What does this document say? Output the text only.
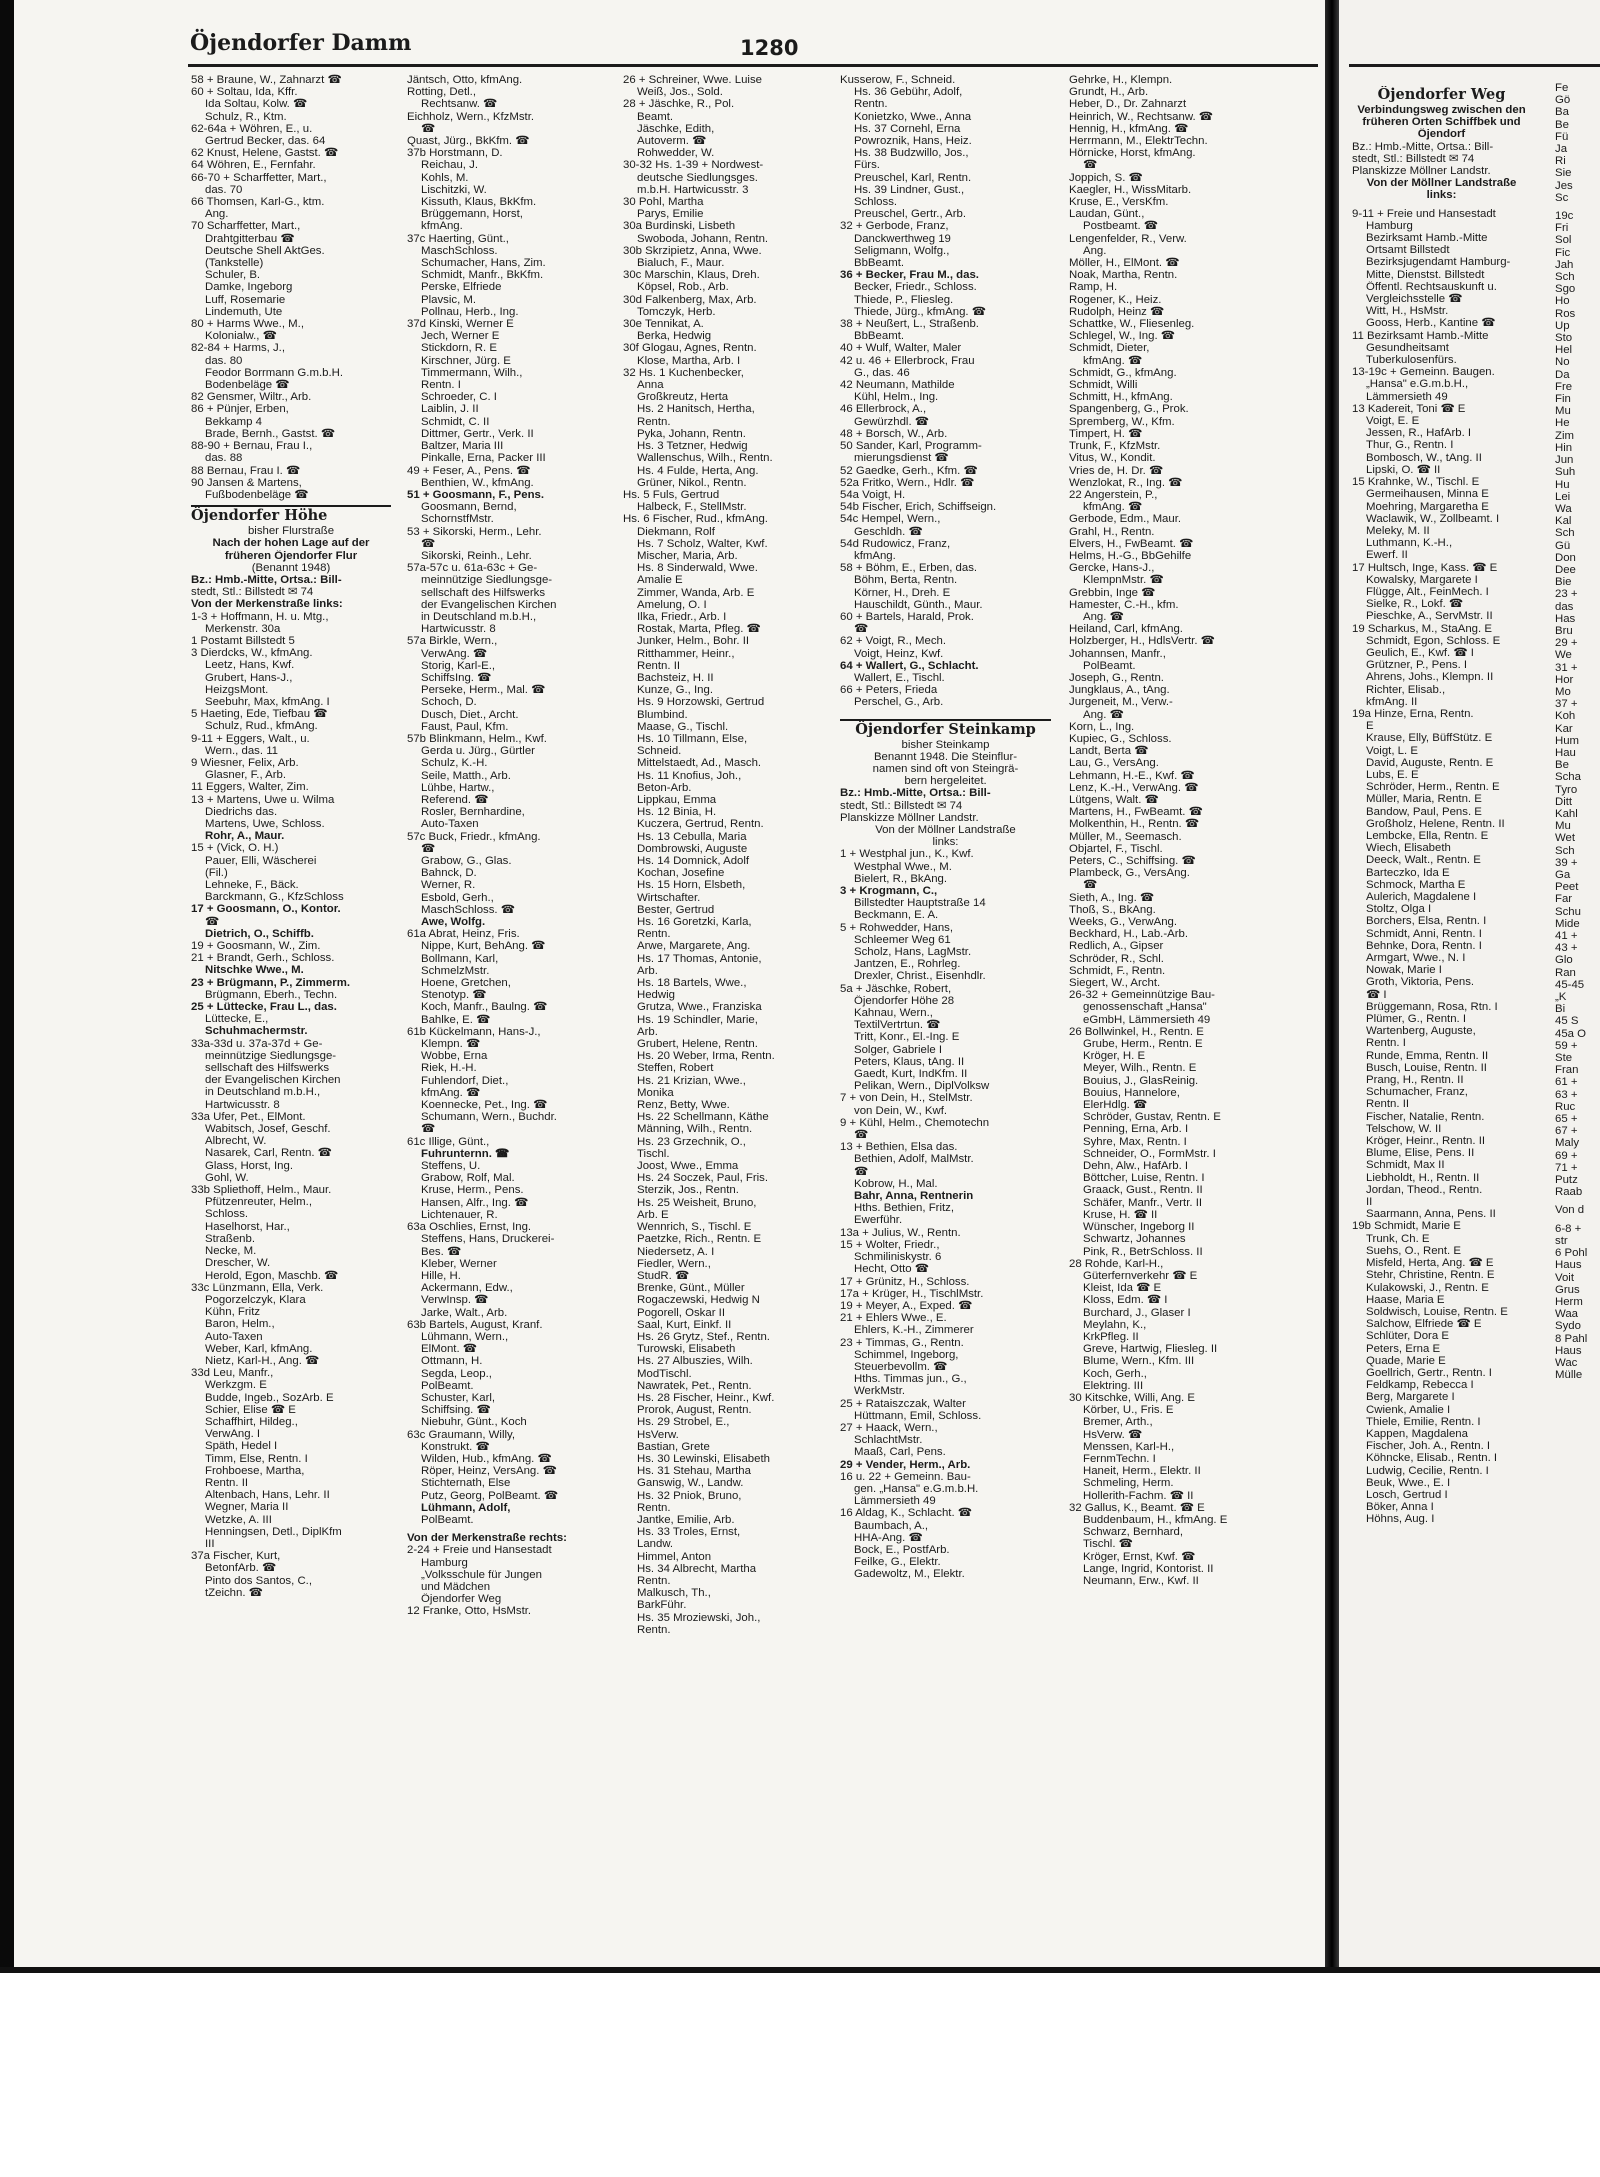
Öjendorfer Damm	1280
58 + Braune, W., Zahnarzt ☎
60 + Soltau, Ida, Kffr.
Ida Soltau, Kolw. ☎
Schulz, R., Ktm.
62-64a + Wöhren, E., u.
Gertrud Becker, das. 64
62 Knust, Helene, Gastst. ☎
64 Wöhren, E., Fernfahr.
66-70 + Scharffetter, Mart.,
das. 70
66 Thomsen, Karl-G., ktm.
Ang.
70 Scharffetter, Mart.,
Drahtgitterbau ☎
Deutsche Shell AktGes.
(Tankstelle)
Schuler, B.
Damke, Ingeborg
Luff, Rosemarie
Lindemuth, Ute
80 + Harms Wwe., M.,
Kolonialw., ☎
82-84 + Harms, J.,
das. 80
Feodor Borrmann G.m.b.H.
Bodenbeläge ☎
82 Gensmer, Wiltr., Arb.
86 + Pünjer, Erben,
Bekkamp 4
Brade, Bernh., Gastst. ☎
88-90 + Bernau, Frau I.,
das. 88
88 Bernau, Frau I. ☎
90 Jansen & Martens,
Fußbodenbeläge ☎
Öjendorfer Höhe
bisher Flurstraße
Nach der hohen Lage auf der
früheren Öjendorfer Flur
(Benannt 1948)
Bz.: Hmb.-Mitte, Ortsa.: Bill-
stedt, Stl.: Billstedt ✉ 74
Von der Merkenstraße links:
1-3 + Hoffmann, H. u. Mtg.,
Merkenstr. 30a
1 Postamt Billstedt 5
3 Dierdcks, W., kfmAng.
Leetz, Hans, Kwf.
Grubert, Hans-J.,
HeizgsMont.
Seebuhr, Max, kfmAng. I
5 Haeting, Ede, Tiefbau ☎
Schulz, Rud., kfmAng.
9-11 + Eggers, Walt., u.
Wern., das. 11
9 Wiesner, Felix, Arb.
Glasner, F., Arb.
11 Eggers, Walter, Zim.
13 + Martens, Uwe u. Wilma
Diedrichs das.
Martens, Uwe, Schloss.
Rohr, A., Maur.
15 + (Vick, O. H.)
Pauer, Elli, Wäscherei
(Fil.)
Lehneke, F., Bäck.
Barckmann, G., KfzSchloss
17 + Goosmann, O., Kontor.
☎
Dietrich, O., Schiffb.
19 + Goosmann, W., Zim.
21 + Brandt, Gerh., Schloss.
Nitschke Wwe., M.
23 + Brügmann, P., Zimmerm.
Brügmann, Eberh., Techn.
25 + Lüttecke, Frau L., das.
Lüttecke, E.,
Schuhmachermstr.
33a-33d u. 37a-37d + Ge-
meinnützige Siedlungsge-
sellschaft des Hilfswerks
der Evangelischen Kirchen
in Deutschland m.b.H.,
Hartwicusstr. 8
33a Ufer, Pet., ElMont.
Wabitsch, Josef, Geschf.
Albrecht, W.
Nasarek, Carl, Rentn. ☎
Glass, Horst, Ing.
Gohl, W.
33b Spliethoff, Helm., Maur.
Pfützenreuter, Helm.,
Schloss.
Haselhorst, Har.,
Straßenb.
Necke, M.
Drescher, W.
Herold, Egon, Maschb. ☎
33c Lünzmann, Ella, Verk.
Pogorzelczyk, Klara
Kühn, Fritz
Baron, Helm.,
Auto-Taxen
Weber, Karl, kfmAng.
Nietz, Karl-H., Ang. ☎
33d Leu, Manfr.,
Werkzgm. E
Budde, Ingeb., SozArb. E
Schier, Elise ☎ E
Schaffhirt, Hildeg.,
VerwAng. I
Späth, Hedel I
Timm, Else, Rentn. I
Frohboese, Martha,
Rentn. II
Altenbach, Hans, Lehr. II
Wegner, Maria II
Wetzke, A. III
Henningsen, Detl., DiplKfm
III
37a Fischer, Kurt,
BetonfArb. ☎
Pinto dos Santos, C.,
tZeichn. ☎
Jäntsch, Otto, kfmAng.
Rotting, Detl.,
Rechtsanw. ☎
Eichholz, Wern., KfzMstr.
☎
Quast, Jürg., BkKfm. ☎
37b Horstmann, D.
Reichau, J.
Kohls, M.
Lischitzki, W.
Kissuth, Klaus, BkKfm.
Brüggemann, Horst,
kfmAng.
37c Haerting, Günt.,
MaschSchloss.
Schumacher, Hans, Zim.
Schmidt, Manfr., BkKfm.
Perske, Elfriede
Plavsic, M.
Pollnau, Herb., Ing.
37d Kinski, Werner E
Jech, Werner E
Stickdorn, R. E
Kirschner, Jürg. E
Timmermann, Wilh.,
Rentn. I
Schroeder, C. I
Laiblin, J. II
Schmidt, C. II
Dittmer, Gertr., Verk. II
Baltzer, Maria III
Pinkalle, Erna, Packer III
49 + Feser, A., Pens. ☎
Benthien, W., kfmAng.
51 + Goosmann, F., Pens.
Goosmann, Bernd,
SchornstfMstr.
53 + Sikorski, Herm., Lehr.
☎
Sikorski, Reinh., Lehr.
57a-57c u. 61a-63c + Ge-
meinnützige Siedlungsge-
sellschaft des Hilfswerks
der Evangelischen Kirchen
in Deutschland m.b.H.,
Hartwicusstr. 8
57a Birkle, Wern.,
VerwAng. ☎
Storig, Karl-E.,
SchiffsIng. ☎
Perseke, Herm., Mal. ☎
Schoch, D.
Dusch, Diet., Archt.
Faust, Paul, Kfm.
57b Blinkmann, Helm., Kwf.
Gerda u. Jürg., Gürtler
Schulz, K.-H.
Seile, Matth., Arb.
Lühbe, Hartw.,
Referend. ☎
Rosler, Bernhardine,
Auto-Taxen
57c Buck, Friedr., kfmAng.
☎
Grabow, G., Glas.
Bahnck, D.
Werner, R.
Esbold, Gerh.,
MaschSchloss. ☎
Awe, Wolfg.
61a Abrat, Heinz, Fris.
Nippe, Kurt, BehAng. ☎
Bollmann, Karl,
SchmelzMstr.
Hoene, Gretchen,
Stenotyp. ☎
Koch, Manfr., Baulng. ☎
Bahlke, E. ☎
61b Kückelmann, Hans-J.,
Klempn. ☎
Wobbe, Erna
Riek, H.-H.
Fuhlendorf, Diet.,
kfmAng. ☎
Koennecke, Pet., Ing. ☎
Schumann, Wern., Buchdr.
☎
61c Illige, Günt.,
Fuhrunternn. ☎
Steffens, U.
Grabow, Rolf, Mal.
Kruse, Herm., Pens.
Hansen, Alfr., Ing. ☎
Lichtenauer, R.
63a Oschlies, Ernst, Ing.
Steffens, Hans, Druckerei-
Bes. ☎
Kleber, Werner
Hille, H.
Ackermann, Edw.,
VerwInsp. ☎
Jarke, Walt., Arb.
63b Bartels, August, Kranf.
Lühmann, Wern.,
ElMont. ☎
Ottmann, H.
Segda, Leop.,
PolBeamt.
Schuster, Karl,
Schiffsing. ☎
Niebuhr, Günt., Koch
63c Graumann, Willy,
Konstrukt. ☎
Wilden, Hub., kfmAng. ☎
Röper, Heinz, VersAng. ☎
Stichternath, Else
Putz, Georg, PolBeamt. ☎
Lühmann, Adolf,
PolBeamt.
Von der Merkenstraße rechts:
2-24 + Freie und Hansestadt
Hamburg
„Volksschule für Jungen
und Mädchen
Öjendorfer Weg
12 Franke, Otto, HsMstr.
26 + Schreiner, Wwe. Luise
Weiß, Jos., Sold.
28 + Jäschke, R., Pol.
Beamt.
Jäschke, Edith,
Autoverm. ☎
Rohwedder, W.
30-32 Hs. 1-39 + Nordwest-
deutsche Siedlungsges.
m.b.H. Hartwicusstr. 3
30 Pohl, Martha
Parys, Emilie
30a Burdinski, Lisbeth
Swoboda, Johann, Rentn.
30b Skrzipietz, Anna, Wwe.
Bialuch, F., Maur.
30c Marschin, Klaus, Dreh.
Köpsel, Rob., Arb.
30d Falkenberg, Max, Arb.
Tomczyk, Herb.
30e Tennikat, A.
Berka, Hedwig
30f Glogau, Agnes, Rentn.
Klose, Martha, Arb. I
32 Hs. 1 Kuchenbecker,
Anna
Großkreutz, Herta
Hs. 2 Hanitsch, Hertha,
Rentn.
Pyka, Johann, Rentn.
Hs. 3 Tetzner, Hedwig
Wallenschus, Wilh., Rentn.
Hs. 4 Fulde, Herta, Ang.
Grüner, Nikol., Rentn.
Hs. 5 Fuls, Gertrud
Halbeck, F., StellMstr.
Hs. 6 Fischer, Rud., kfmAng.
Diekmann, Rolf
Hs. 7 Scholz, Walter, Kwf.
Mischer, Maria, Arb.
Hs. 8 Sinderwald, Wwe.
Amalie E
Zimmer, Wanda, Arb. E
Amelung, O. I
Ilka, Friedr., Arb. I
Rostak, Marta, Pfleg. ☎
Junker, Helm., Bohr. II
Ritthammer, Heinr.,
Rentn. II
Bachsteiz, H. II
Kunze, G., Ing.
Hs. 9 Horzowski, Gertrud
Blumbind.
Maase, G., Tischl.
Hs. 10 Tillmann, Else,
Schneid.
Mittelstaedt, Ad., Masch.
Hs. 11 Knofius, Joh.,
Beton-Arb.
Lippkau, Emma
Hs. 12 Binia, H.
Kuczera, Gertrud, Rentn.
Hs. 13 Cebulla, Maria
Dombrowski, Auguste
Hs. 14 Domnick, Adolf
Kochan, Josefine
Hs. 15 Horn, Elsbeth,
Wirtschafter.
Bester, Gertrud
Hs. 16 Goretzki, Karla,
Rentn.
Arwe, Margarete, Ang.
Hs. 17 Thomas, Antonie,
Arb.
Hs. 18 Bartels, Wwe.,
Hedwig
Grutza, Wwe., Franziska
Hs. 19 Schindler, Marie,
Arb.
Grubert, Helene, Rentn.
Hs. 20 Weber, Irma, Rentn.
Steffen, Robert
Hs. 21 Krizian, Wwe.,
Monika
Renz, Betty, Wwe.
Hs. 22 Schellmann, Käthe
Männing, Wilh., Rentn.
Hs. 23 Grzechnik, O.,
Tischl.
Joost, Wwe., Emma
Hs. 24 Soczek, Paul, Fris.
Sterzik, Jos., Rentn.
Hs. 25 Weisheit, Bruno,
Arb. E
Wennrich, S., Tischl. E
Paetzke, Rich., Rentn. E
Niedersetz, A. I
Fiedler, Wern.,
StudR. ☎
Brenke, Günt., Müller
Rogaczewski, Hedwig N
Pogorell, Oskar II
Saal, Kurt, Einkf. II
Hs. 26 Grytz, Stef., Rentn.
Turowski, Elisabeth
Hs. 27 Albuszies, Wilh.
ModTischl.
Nawratek, Pet., Rentn.
Hs. 28 Fischer, Heinr., Kwf.
Prorok, August, Rentn.
Hs. 29 Strobel, E.,
HsVerw.
Bastian, Grete
Hs. 30 Lewinski, Elisabeth
Hs. 31 Stehau, Martha
Ganswig, W., Landw.
Hs. 32 Pniok, Bruno,
Rentn.
Jantke, Emilie, Arb.
Hs. 33 Troles, Ernst,
Landw.
Himmel, Anton
Hs. 34 Albrecht, Martha
Rentn.
Malkusch, Th.,
BarkFühr.
Hs. 35 Mroziewski, Joh.,
Rentn.
Kusserow, F., Schneid.
Hs. 36 Gebühr, Adolf,
Rentn.
Konietzko, Wwe., Anna
Hs. 37 Cornehl, Erna
Powroznik, Hans, Heiz.
Hs. 38 Budzwillo, Jos.,
Fürs.
Preuschel, Karl, Rentn.
Hs. 39 Lindner, Gust.,
Schloss.
Preuschel, Gertr., Arb.
32 + Gerbode, Franz,
Danckwerthweg 19
Seligmann, Wolfg.,
BbBeamt.
36 + Becker, Frau M., das.
Becker, Friedr., Schloss.
Thiede, P., Fliesleg.
Thiede, Jürg., kfmAng. ☎
38 + Neußert, L., Straßenb.
BbBeamt.
40 + Wulf, Walter, Maler
42 u. 46 + Ellerbrock, Frau
G., das. 46
42 Neumann, Mathilde
Kühl, Helm., Ing.
46 Ellerbrock, A.,
Gewürzhdl. ☎
48 + Borsch, W., Arb.
50 Sander, Karl, Programm-
mierungsdienst ☎
52 Gaedke, Gerh., Kfm. ☎
52a Fritko, Wern., Hdlr. ☎
54a Voigt, H.
54b Fischer, Erich, Schiffseign.
54c Hempel, Wern.,
Geschldh. ☎
54d Rudowicz, Franz,
kfmAng.
58 + Böhm, E., Erben, das.
Böhm, Berta, Rentn.
Körner, H., Dreh. E
Hauschildt, Günth., Maur.
60 + Bartels, Harald, Prok.
☎
62 + Voigt, R., Mech.
Voigt, Heinz, Kwf.
64 + Wallert, G., Schlacht.
Wallert, E., Tischl.
66 + Peters, Frieda
Perschel, G., Arb.
Öjendorfer Steinkamp
bisher Steinkamp
Benannt 1948. Die Steinflur-
namen sind oft von Steingrä-
bern hergeleitet.
Bz.: Hmb.-Mitte, Ortsa.: Bill-
stedt, Stl.: Billstedt ✉ 74
Planskizze Möllner Landstr.
Von der Möllner Landstraße
links:
1 + Westphal jun., K., Kwf.
Westphal Wwe., M.
Bielert, R., BkAng.
3 + Krogmann, C.,
Billstedter Hauptstraße 14
Beckmann, E. A.
5 + Rohwedder, Hans,
Schleemer Weg 61
Scholz, Hans, LagMstr.
Jantzen, E., Rohrleg.
Drexler, Christ., Eisenhdlr.
5a + Jäschke, Robert,
Öjendorfer Höhe 28
Kahnau, Wern.,
TextilVertrtun. ☎
Tritt, Konr., El.-Ing. E
Solger, Gabriele I
Peters, Klaus, tAng. II
Gaedt, Kurt, IndKfm. II
Pelikan, Wern., DiplVolksw
7 + von Dein, H., StelMstr.
von Dein, W., Kwf.
9 + Kühl, Helm., Chemotechn
☎
13 + Bethien, Elsa das.
Bethien, Adolf, MalMstr.
☎
Kobrow, H., Mal.
Bahr, Anna, Rentnerin
Hths. Bethien, Fritz,
Ewerführ.
13a + Julius, W., Rentn.
15 + Wolter, Friedr.,
Schmiliniskystr. 6
Hecht, Otto ☎
17 + Grünitz, H., Schloss.
17a + Krüger, H., TischlMstr.
19 + Meyer, A., Exped. ☎
21 + Ehlers Wwe., E.
Ehlers, K.-H., Zimmerer
23 + Timmas, G., Rentn.
Schimmel, Ingeborg,
Steuerbevollm. ☎
Hths. Timmas jun., G.,
WerkMstr.
25 + Rataiszczak, Walter
Hüttmann, Emil, Schloss.
27 + Haack, Wern.,
SchlachtMstr.
Maaß, Carl, Pens.
29 + Vender, Herm., Arb.
16 u. 22 + Gemeinn. Bau-
gen. „Hansa" e.G.m.b.H.
Lämmersieth 49
16 Aldag, K., Schlacht. ☎
Baumbach, A.,
HHA-Ang. ☎
Bock, E., PostfArb.
Feilke, G., Elektr.
Gadewoltz, M., Elektr.
Gehrke, H., Klempn.
Grundt, H., Arb.
Heber, D., Dr. Zahnarzt
Heinrich, W., Rechtsanw. ☎
Hennig, H., kfmAng. ☎
Herrmann, M., ElektrTechn.
Hörnicke, Horst, kfmAng.
☎
Joppich, S. ☎
Kaegler, H., WissMitarb.
Kruse, E., VersKfm.
Laudan, Günt.,
Postbeamt. ☎
Lengenfelder, R., Verw.
Ang.
Möller, H., ElMont. ☎
Noak, Martha, Rentn.
Ramp, H.
Rogener, K., Heiz.
Rudolph, Heinz ☎
Schattke, W., Fliesenleg.
Schlegel, W., Ing. ☎
Schmidt, Dieter,
kfmAng. ☎
Schmidt, G., kfmAng.
Schmidt, Willi
Schmitt, H., kfmAng.
Spangenberg, G., Prok.
Spremberg, W., Kfm.
Timpert, H. ☎
Trunk, F., KfzMstr.
Vitus, W., Kondit.
Vries de, H. Dr. ☎
Wenzlokat, R., Ing. ☎
22 Angerstein, P.,
kfmAng. ☎
Gerbode, Edm., Maur.
Grahl, H., Rentn.
Elvers, H., FwBeamt. ☎
Helms, H.-G., BbGehilfe
Gercke, Hans-J.,
KlempnMstr. ☎
Grebbin, Inge ☎
Hamester, C.-H., kfm.
Ang. ☎
Heiland, Carl, kfmAng.
Holzberger, H., HdlsVertr. ☎
Johannsen, Manfr.,
PolBeamt.
Joseph, G., Rentn.
Jungklaus, A., tAng.
Jurgeneit, M., Verw.-
Ang. ☎
Korn, L., Ing.
Kupiec, G., Schloss.
Landt, Berta ☎
Lau, G., VersAng.
Lehmann, H.-E., Kwf. ☎
Lenz, K.-H., VerwAng. ☎
Lütgens, Walt. ☎
Martens, H., FwBeamt. ☎
Molkenthin, H., Rentn. ☎
Müller, M., Seemasch.
Objartel, F., Tischl.
Peters, C., Schiffsing. ☎
Plambeck, G., VersAng.
☎
Sieth, A., Ing. ☎
Thoß, S., BkAng.
Weeks, G., VerwAng.
Beckhard, H., Lab.-Arb.
Redlich, A., Gipser
Schröder, R., Schl.
Schmidt, F., Rentn.
Siegert, W., Archt.
26-32 + Gemeinnützige Bau-
genossenschaft „Hansa"
eGmbH, Lämmersieth 49
26 Bollwinkel, H., Rentn. E
Grube, Herm., Rentn. E
Kröger, H. E
Meyer, Wilh., Rentn. E
Bouius, J., GlasReinig.
Bouius, Hannelore,
ElerHdlg. ☎
Schröder, Gustav, Rentn. E
Penning, Erna, Arb. I
Syhre, Max, Rentn. I
Schneider, O., FormMstr. I
Dehn, Alw., HafArb. I
Böttcher, Luise, Rentn. I
Graack, Gust., Rentn. II
Schäfer, Manfr., Vertr. II
Kruse, H. ☎ II
Wünscher, Ingeborg II
Schwartz, Johannes
Pink, R., BetrSchloss. II
28 Rohde, Karl-H.,
Güterfernverkehr ☎ E
Kleist, Ida ☎ E
Kloss, Edm. ☎ I
Burchard, J., Glaser I
Meylahn, K.,
KrkPfleg. II
Greve, Hartwig, Fliesleg. II
Blume, Wern., Kfm. III
Koch, Gerh.,
Elektring. III
30 Kitschke, Willi, Ang. E
Körber, U., Fris. E
Bremer, Arth.,
HsVerw. ☎
Menssen, Karl-H.,
FernmTechn. I
Haneit, Herm., Elektr. II
Schmeling, Herm.
Hollerith-Fachm. ☎ II
32 Gallus, K., Beamt. ☎ E
Buddenbaum, H., kfmAng. E
Schwarz, Bernhard,
Tischl. ☎
Kröger, Ernst, Kwf. ☎
Lange, Ingrid, Kontorist. II
Neumann, Erw., Kwf. II
Öjendorfer Weg
Verbindungsweg zwischen den
früheren Orten Schiffbek und
Öjendorf
Bz.: Hmb.-Mitte, Ortsa.: Bill-
stedt, Stl.: Billstedt ✉ 74
Planskizze Möllner Landstr.
Von der Möllner Landstraße
links:
9-11 + Freie und Hansestadt
Hamburg
Bezirksamt Hamb.-Mitte
Ortsamt Billstedt
Bezirksjugendamt Hamburg-
Mitte, Dienstst. Billstedt
Öffentl. Rechtsauskunft u.
Vergleichsstelle ☎
Witt, H., HsMstr.
Gooss, Herb., Kantine ☎
11 Bezirksamt Hamb.-Mitte
Gesundheitsamt
Tuberkulosenfürs.
13-19c + Gemeinn. Baugen.
„Hansa" e.G.m.b.H.,
Lämmersieth 49
13 Kadereit, Toni ☎ E
Voigt, E. E
Jessen, R., HafArb. I
Thur, G., Rentn. I
Bombosch, W., tAng. II
Lipski, O. ☎ II
15 Krahnke, W., Tischl. E
Germeihausen, Minna E
Moehring, Margaretha E
Waclawik, W., Zollbeamt. I
Meleky, M. II
Luthmann, K.-H.,
Ewerf. II
17 Hultsch, Inge, Kass. ☎ E
Kowalsky, Margarete I
Flügge, Alt., FeinMech. I
Sielke, R., Lokf. ☎
Pieschke, A., ServMstr. II
19 Scharkus, M., StaAng. E
Schmidt, Egon, Schloss. E
Geulich, E., Kwf. ☎ I
Grützner, P., Pens. I
Ahrens, Johs., Klempn. II
Richter, Elisab.,
kfmAng. II
19a Hinze, Erna, Rentn.
E
Krause, Elly, BüffStütz. E
Voigt, L. E
David, Auguste, Rentn. E
Lubs, E. E
Schröder, Herm., Rentn. E
Müller, Maria, Rentn. E
Bandow, Paul, Pens. E
Großholz, Helene, Rentn. II
Lembcke, Ella, Rentn. E
Wiech, Elisabeth
Deeck, Walt., Rentn. E
Barteczko, Ida E
Schmock, Martha E
Aulerich, Magdalene I
Stoltz, Olga I
Borchers, Elsa, Rentn. I
Schmidt, Anni, Rentn. I
Behnke, Dora, Rentn. I
Armgart, Wwe., N. I
Nowak, Marie I
Groth, Viktoria, Pens.
☎ I
Brüggemann, Rosa, Rtn. I
Plümer, G., Rentn. I
Wartenberg, Auguste,
Rentn. I
Runde, Emma, Rentn. II
Busch, Louise, Rentn. II
Prang, H., Rentn. II
Schumacher, Franz,
Rentn. II
Fischer, Natalie, Rentn.
Telschow, W. II
Kröger, Heinr., Rentn. II
Blume, Elise, Pens. II
Schmidt, Max II
Liebholdt, H., Rentn. II
Jordan, Theod., Rentn.
II
Saarmann, Anna, Pens. II
19b Schmidt, Marie E
Trunk, Ch. E
Suehs, O., Rent. E
Misfeld, Herta, Ang. ☎ E
Stehr, Christine, Rentn. E
Kulakowski, J., Rentn. E
Haase, Maria E
Soldwisch, Louise, Rentn. E
Salchow, Elfriede ☎ E
Schlüter, Dora E
Peters, Erna E
Quade, Marie E
Goellrich, Gertr., Rentn. I
Feldkamp, Rebecca I
Berg, Margarete I
Cwienk, Amalie I
Thiele, Emilie, Rentn. I
Kappen, Magdalena
Fischer, Joh. A., Rentn. I
Köhncke, Elisab., Rentn. I
Ludwig, Cecilie, Rentn. I
Beuk, Wwe., E. I
Losch, Gertrud I
Böker, Anna I
Höhns, Aug. I
Fe
Gö
Ba
Be
Fü
Ja
Ri
Sie
Jes
Sc
19c
Fri
Sol
Fic
Jah
Sch
Sgo
Ho
Ros
Up
Sto
Hel
No
Da
Fre
Fin
Mu
He
Zim
Hin
Jun
Suh
Hu
Lei
Wa
Kal
Sch
Gü
Don
Dee
Bie
23 +
das
Has
Bru
29 +
We
31 +
Hor
Mo
37 +
Koh
Kar
Hum
Hau
Be
Scha
Tyro
Ditt
Kahl
Mu
Wet
Sch
39 +
Ga
Peet
Far
Schu
Mide
41 +
43 +
Glo
Ran
45-45
„K
Bi
45 S
45a O
59 +
Ste
Fran
61 +
63 +
Ruc
65 +
67 +
Maly
69 +
71 +
Putz
Raab
Von d
6-8 +
str
6 Pohl
Haus
Voit
Grus
Herm
Waa
Sydo
8 Pahl
Haus
Wac
Mülle
